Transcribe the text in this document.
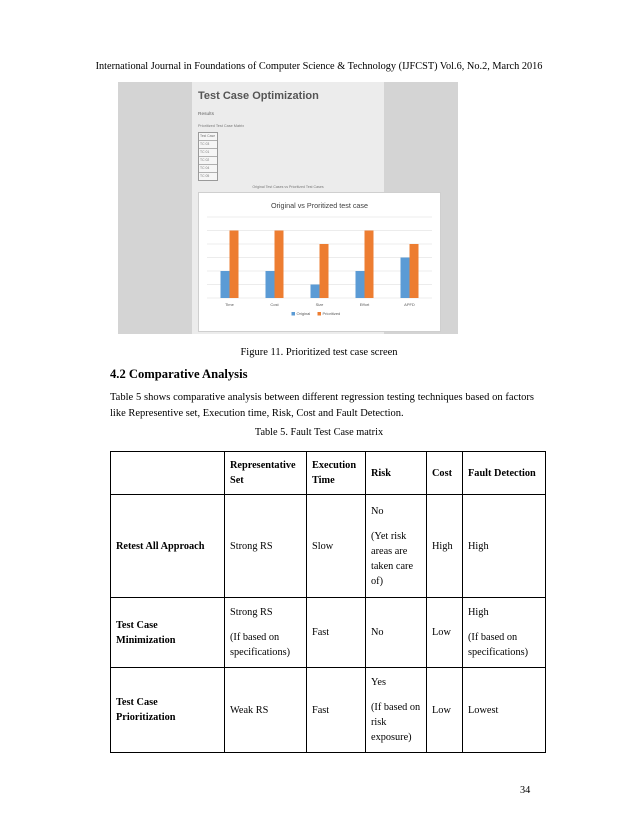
International Journal in Foundations of Computer Science & Technology (IJFCST) Vol.6, No.2, March 2016
Test Case Optimization
Results
Prioritized Test Case Matrix
Test Case
TC 03
TC 01
TC 02
TC 04
TC 05
Original Test Cases vs Prioritized Test Cases
Original vs Proritized test case
Time	Cost	Size	Effort	APFD
Original	Prioritized
Figure 11. Prioritized test case screen
4.2 Comparative Analysis
Table 5 shows comparative analysis between different regression testing techniques based on factors like Representive set, Execution time, Risk, Cost and Fault Detection.
Table 5. Fault Test Case matrix
	Representative Set	Execution Time	Risk	Cost	Fault Detection
Retest All Approach	Strong RS	Slow	No
(Yet risk areas are taken care of)	High	High
Test Case Minimization	Strong RS
(If based on specifications)	Fast	No	Low	High
(If based on specifications)

Test Case Prioritization	Weak RS	Fast	Yes
(If based on risk exposure)	Low	Lowest
34
